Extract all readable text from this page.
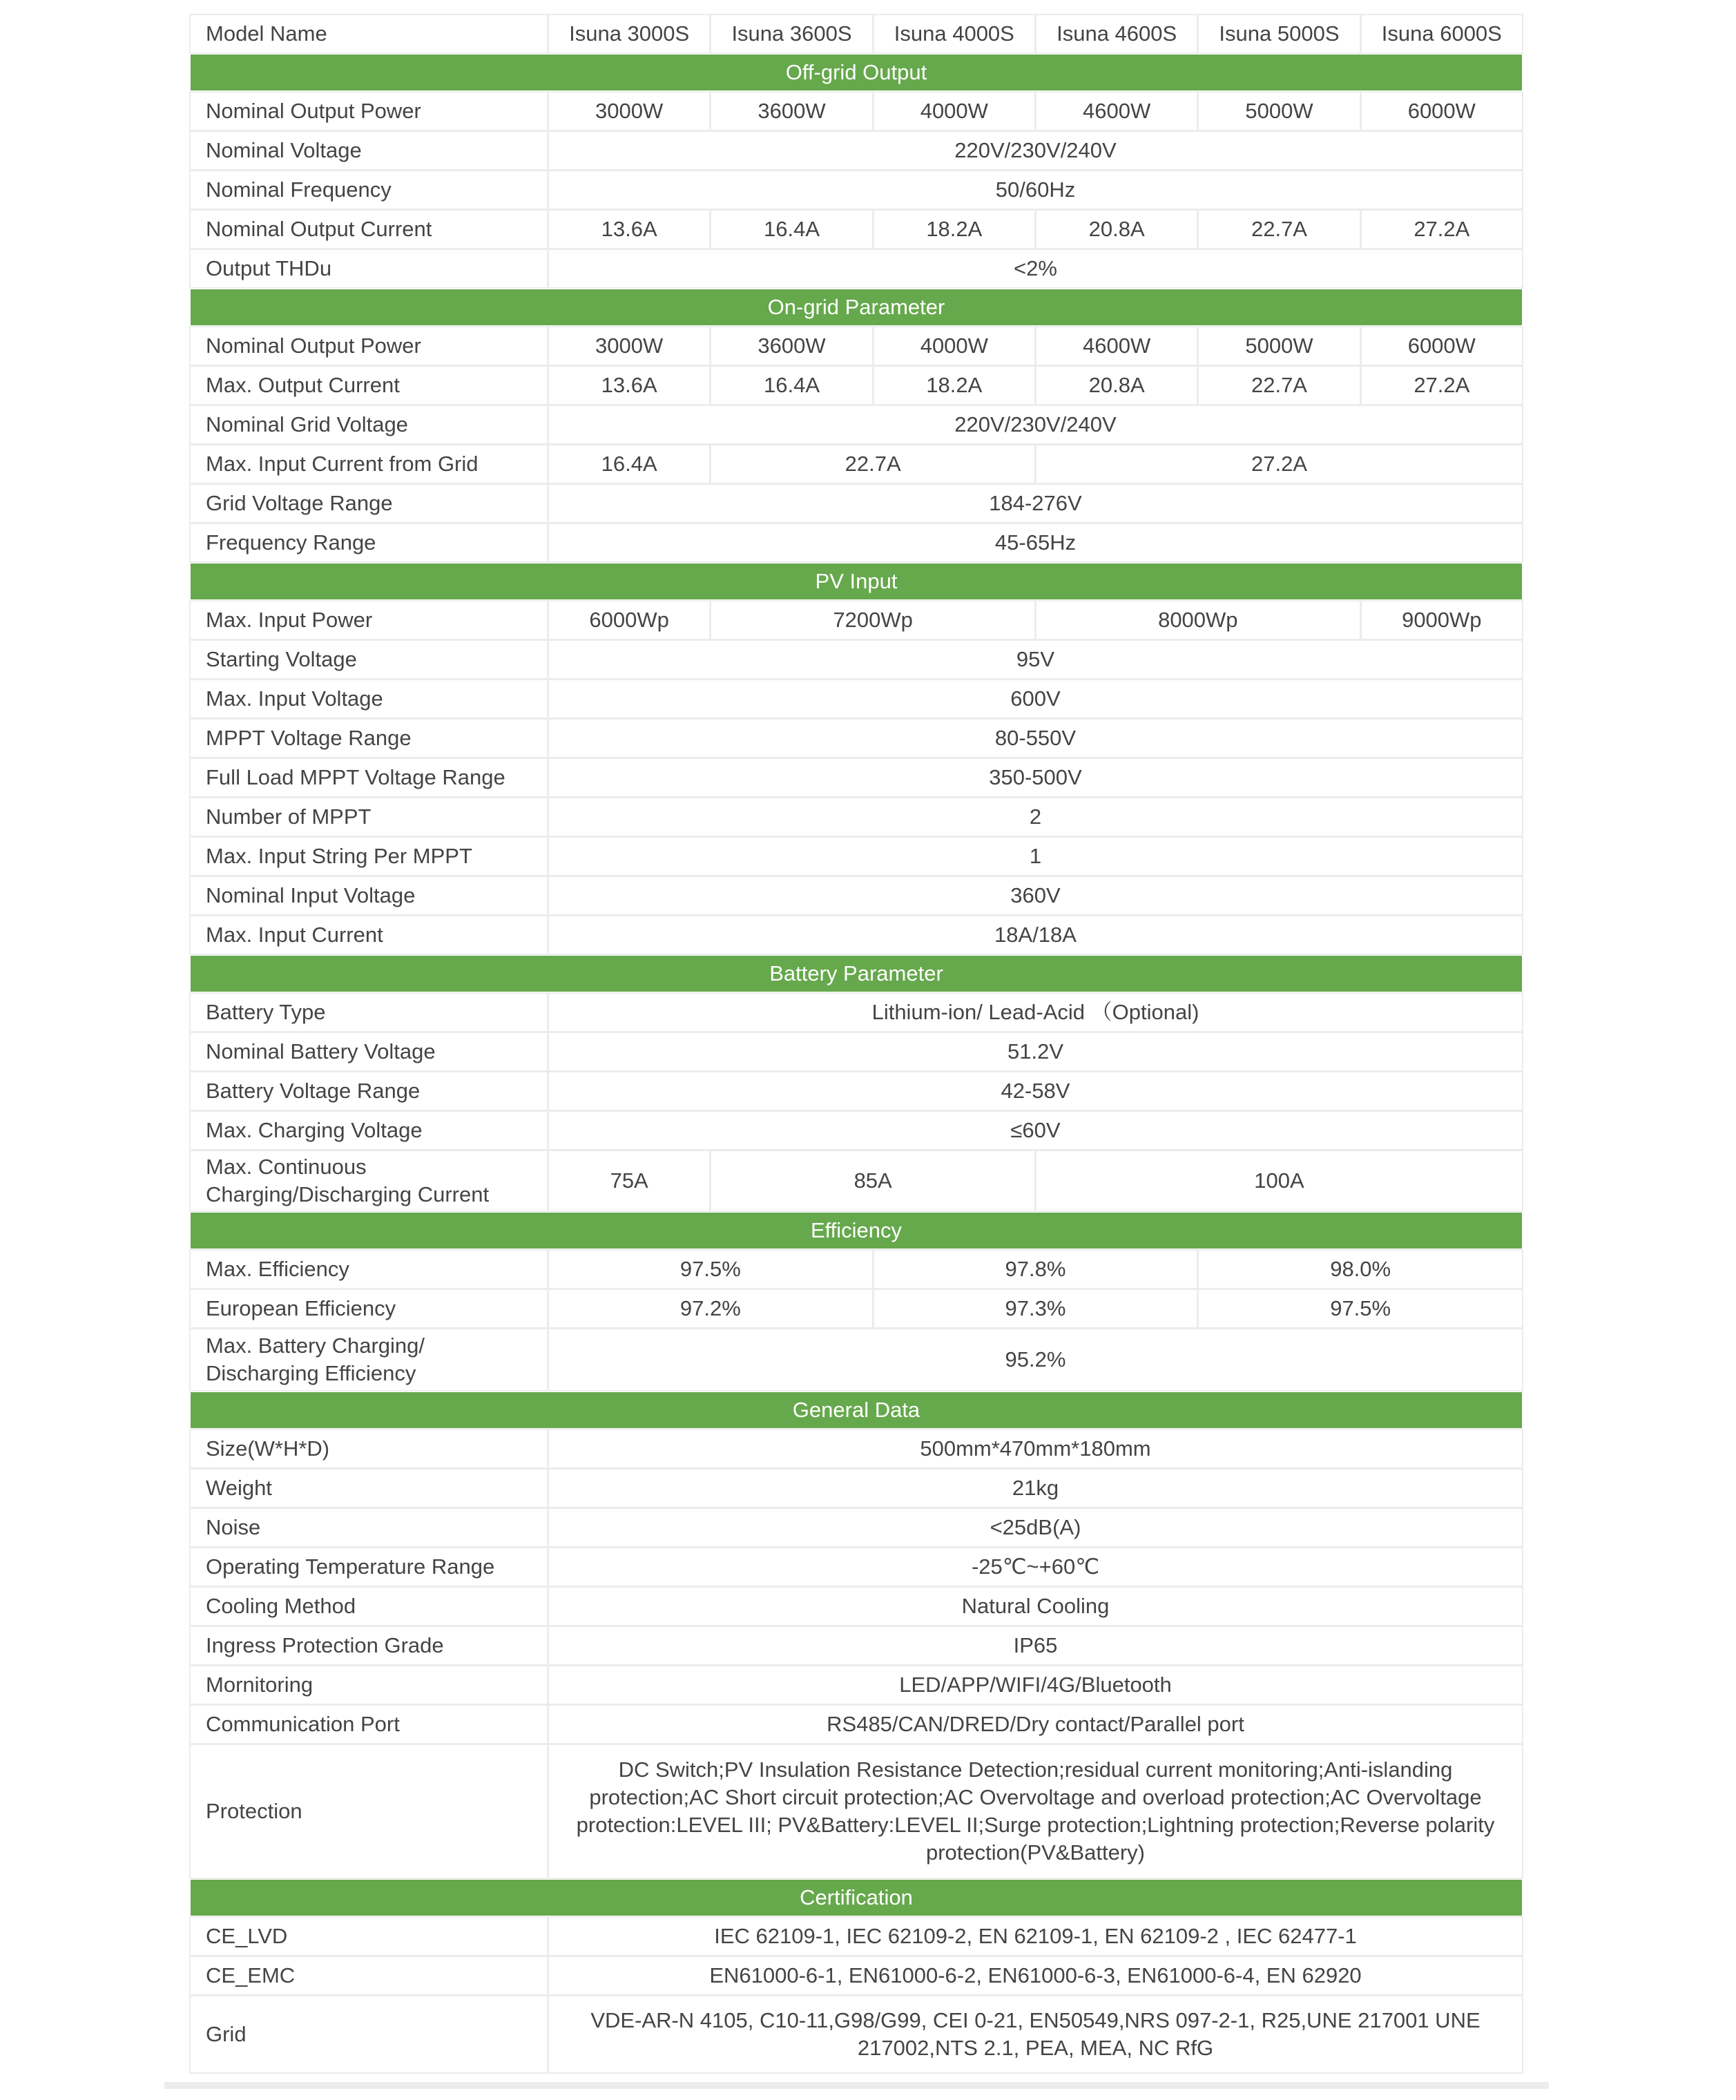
Model Name	Isuna 3000S	Isuna 3600S	Isuna 4000S	Isuna 4600S	Isuna 5000S	Isuna 6000S
Off-grid Output						
Nominal Output Power	3000W	3600W	4000W	4600W	5000W	6000W
Nominal Voltage	220V/230V/240V					
Nominal Frequency	50/60Hz					
Nominal Output Current	13.6A	16.4A	18.2A	20.8A	22.7A	27.2A
Output THDu	<2%					
On-grid Parameter						
Nominal Output Power	3000W	3600W	4000W	4600W	5000W	6000W
Max. Output Current	13.6A	16.4A	18.2A	20.8A	22.7A	27.2A
Nominal Grid Voltage	220V/230V/240V					
Max. Input Current from Grid	16.4A	22.7A		27.2A		
Grid Voltage Range	184-276V					
Frequency Range	45-65Hz					
PV Input						
Max. Input Power	6000Wp	7200Wp		8000Wp		9000Wp
Starting Voltage	95V					
Max. Input Voltage	600V					
MPPT Voltage Range	80-550V					
Full Load MPPT Voltage Range	350-500V					
Number of MPPT	2					
Max. Input String Per MPPT	1					
Nominal Input Voltage	360V					
Max. Input Current	18A/18A					
Battery Parameter						
Battery Type	Lithium-ion/ Lead-Acid （Optional)					
Nominal Battery Voltage	51.2V					
Battery Voltage Range	42-58V					
Max. Charging Voltage	≤60V					
Max. Continuous Charging/Discharging Current	75A	85A		100A		
Efficiency						
Max. Efficiency	97.5%		97.8%		98.0%	
European Efficiency	97.2%		97.3%		97.5%	
Max. Battery Charging/ Discharging Efficiency	95.2%					
General Data						
Size(W*H*D)	500mm*470mm*180mm					
Weight	21kg					
Noise	<25dB(A)					
Operating Temperature Range	-25℃~+60℃					
Cooling Method	Natural Cooling					
Ingress Protection Grade	IP65					
Mornitoring	LED/APP/WIFI/4G/Bluetooth					
Communication Port	RS485/CAN/DRED/Dry contact/Parallel port					
Protection	DC Switch;PV Insulation Resistance Detection;residual current monitoring;Anti-islanding protection;AC Short circuit protection;AC Overvoltage and overload protection;AC Overvoltage protection:LEVEL III; PV&Battery:LEVEL II;Surge protection;Lightning protection;Reverse polarity protection(PV&Battery)					
Certification						
CE_LVD	IEC 62109-1, IEC 62109-2, EN 62109-1, EN 62109-2 , IEC 62477-1					
CE_EMC	EN61000-6-1, EN61000-6-2, EN61000-6-3, EN61000-6-4, EN 62920					
Grid	VDE-AR-N 4105, C10-11,G98/G99, CEI 0-21, EN50549,NRS 097-2-1, R25,UNE 217001 UNE 217002,NTS 2.1, PEA, MEA, NC RfG					
